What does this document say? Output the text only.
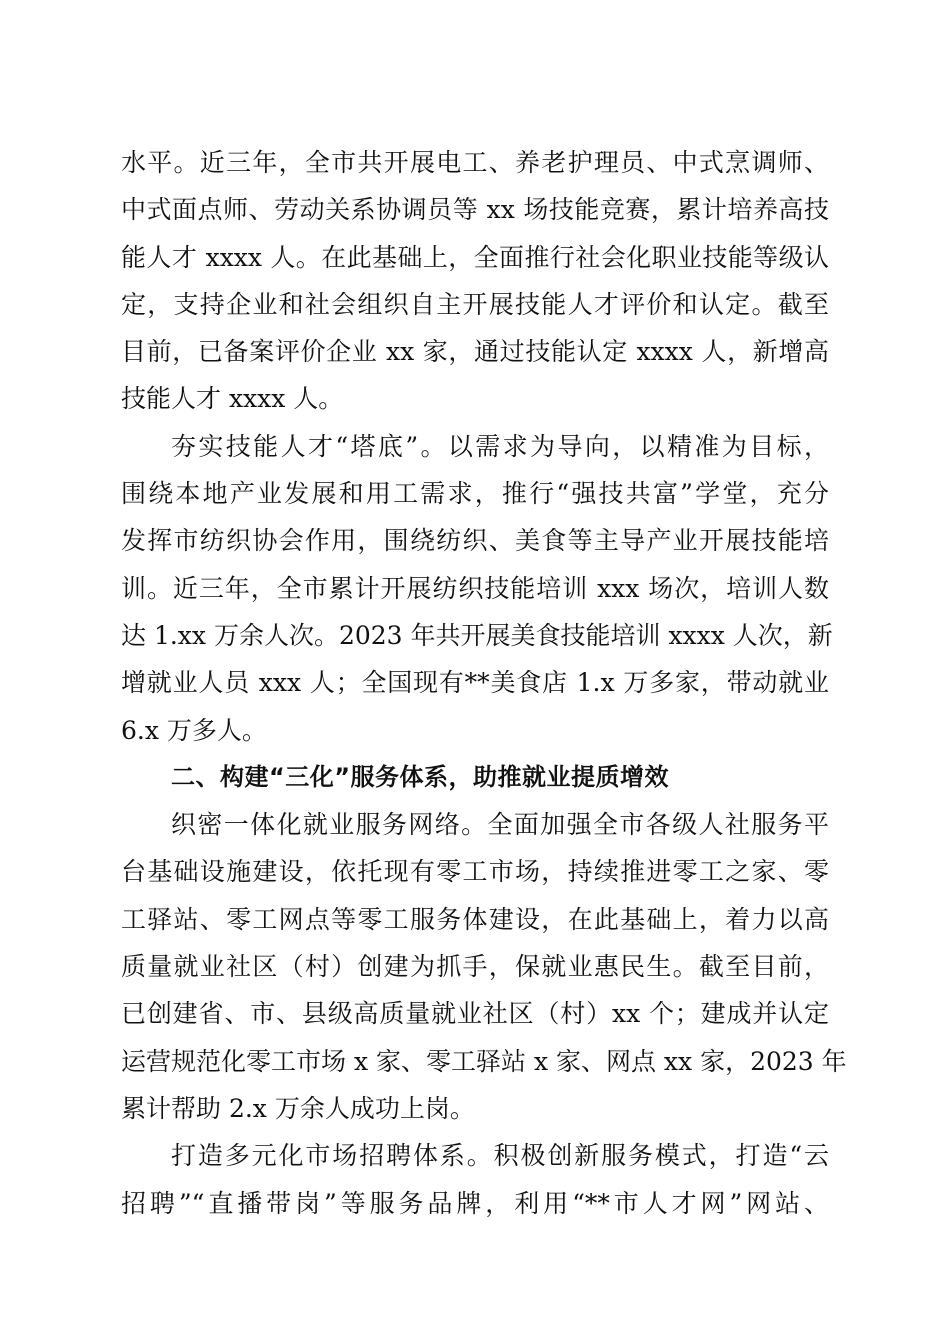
水平。近三年，全市共开展电工、养老护理员、中式烹调师、
中式面点师、劳动关系协调员等 xx 场技能竞赛，累计培养高技
能人才 xxxx 人。在此基础上，全面推行社会化职业技能等级认
定，支持企业和社会组织自主开展技能人才评价和认定。截至
目前，已备案评价企业 xx 家，通过技能认定 xxxx 人，新增高
技能人才 xxxx 人。
夯实技能人才“塔底”。以需求为导向，以精准为目标，
围绕本地产业发展和用工需求，推行“强技共富”学堂，充分
发挥市纺织协会作用，围绕纺织、美食等主导产业开展技能培
训。近三年，全市累计开展纺织技能培训 xxx 场次，培训人数
达 1.xx 万余人次。2023 年共开展美食技能培训 xxxx 人次，新
增就业人员 xxx 人；全国现有**美食店 1.x 万多家，带动就业
6.x 万多人。
二、构建“三化”服务体系，助推就业提质增效
织密一体化就业服务网络。全面加强全市各级人社服务平
台基础设施建设，依托现有零工市场，持续推进零工之家、零
工驿站、零工网点等零工服务体建设，在此基础上，着力以高
质量就业社区（村）创建为抓手，保就业惠民生。截至目前，
已创建省、市、县级高质量就业社区（村）xx 个；建成并认定
运营规范化零工市场 x 家、零工驿站 x 家、网点 xx 家，2023 年
累计帮助 2.x 万余人成功上岗。
打造多元化市场招聘体系。积极创新服务模式，打造“云
招聘”“直播带岗”等服务品牌，利用“**市人才网”网站、
